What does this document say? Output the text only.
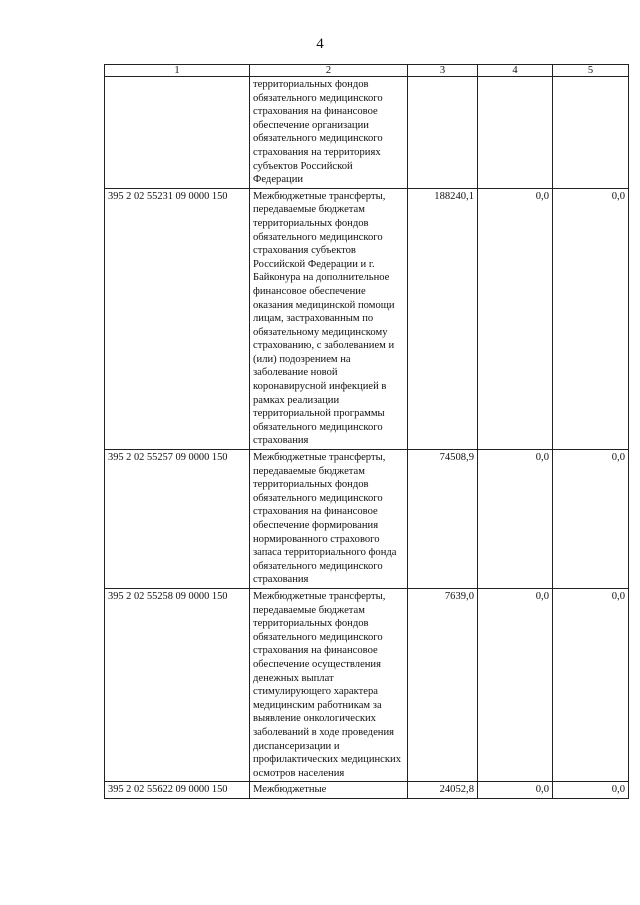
4
1	2	3	4	5
	территориальных фондов обязательного медицинского страхования на финансовое обеспечение организации обязательного медицинского страхования на территориях субъектов Российской Федерации			
395 2 02 55231 09 0000 150	Межбюджетные трансферты, передаваемые бюджетам территориальных фондов обязательного медицинского страхования субъектов Российской Федерации и г. Байконура на дополнительное финансовое обеспечение оказания медицинской помощи лицам, застрахованным по обязательному медицинскому страхованию, с заболеванием и (или) подозрением на заболевание новой коронавирусной инфекцией в рамках реализации территориальной программы обязательного медицинского страхования	188240,1	0,0	0,0
395 2 02 55257 09 0000 150	Межбюджетные трансферты, передаваемые бюджетам территориальных фондов обязательного медицинского страхования на финансовое обеспечение формирования нормированного страхового запаса территориального фонда обязательного медицинского страхования	74508,9	0,0	0,0
395 2 02 55258 09 0000 150	Межбюджетные трансферты, передаваемые бюджетам территориальных фондов обязательного медицинского страхования на финансовое обеспечение осуществления денежных выплат стимулирующего характера медицинским работникам за выявление онкологических заболеваний в ходе проведения диспансеризации и профилактических медицинских осмотров населения	7639,0	0,0	0,0
395 2 02 55622 09 0000 150	Межбюджетные	24052,8	0,0	0,0
